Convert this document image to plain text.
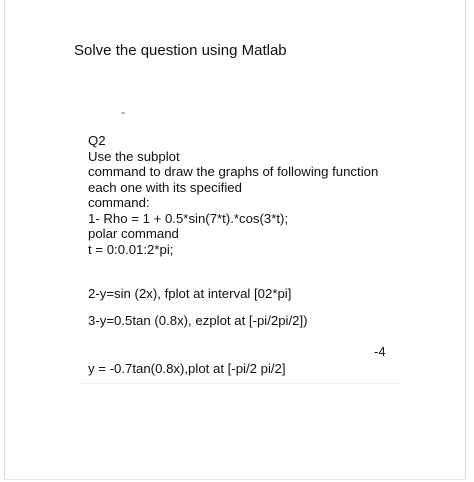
Solve the question using Matlab
-
Q2
Use the subplot
command to draw the graphs of following function
each one with its specified
command:
1- Rho = 1 + 0.5*sin(7*t).*cos(3*t);
polar command
t = 0:0.01:2*pi;
2-y=sin (2x), fplot at interval [02*pi]
3-y=0.5tan (0.8x), ezplot at [-pi/2pi/2])
-4
y = -0.7tan(0.8x),plot at [-pi/2 pi/2]
